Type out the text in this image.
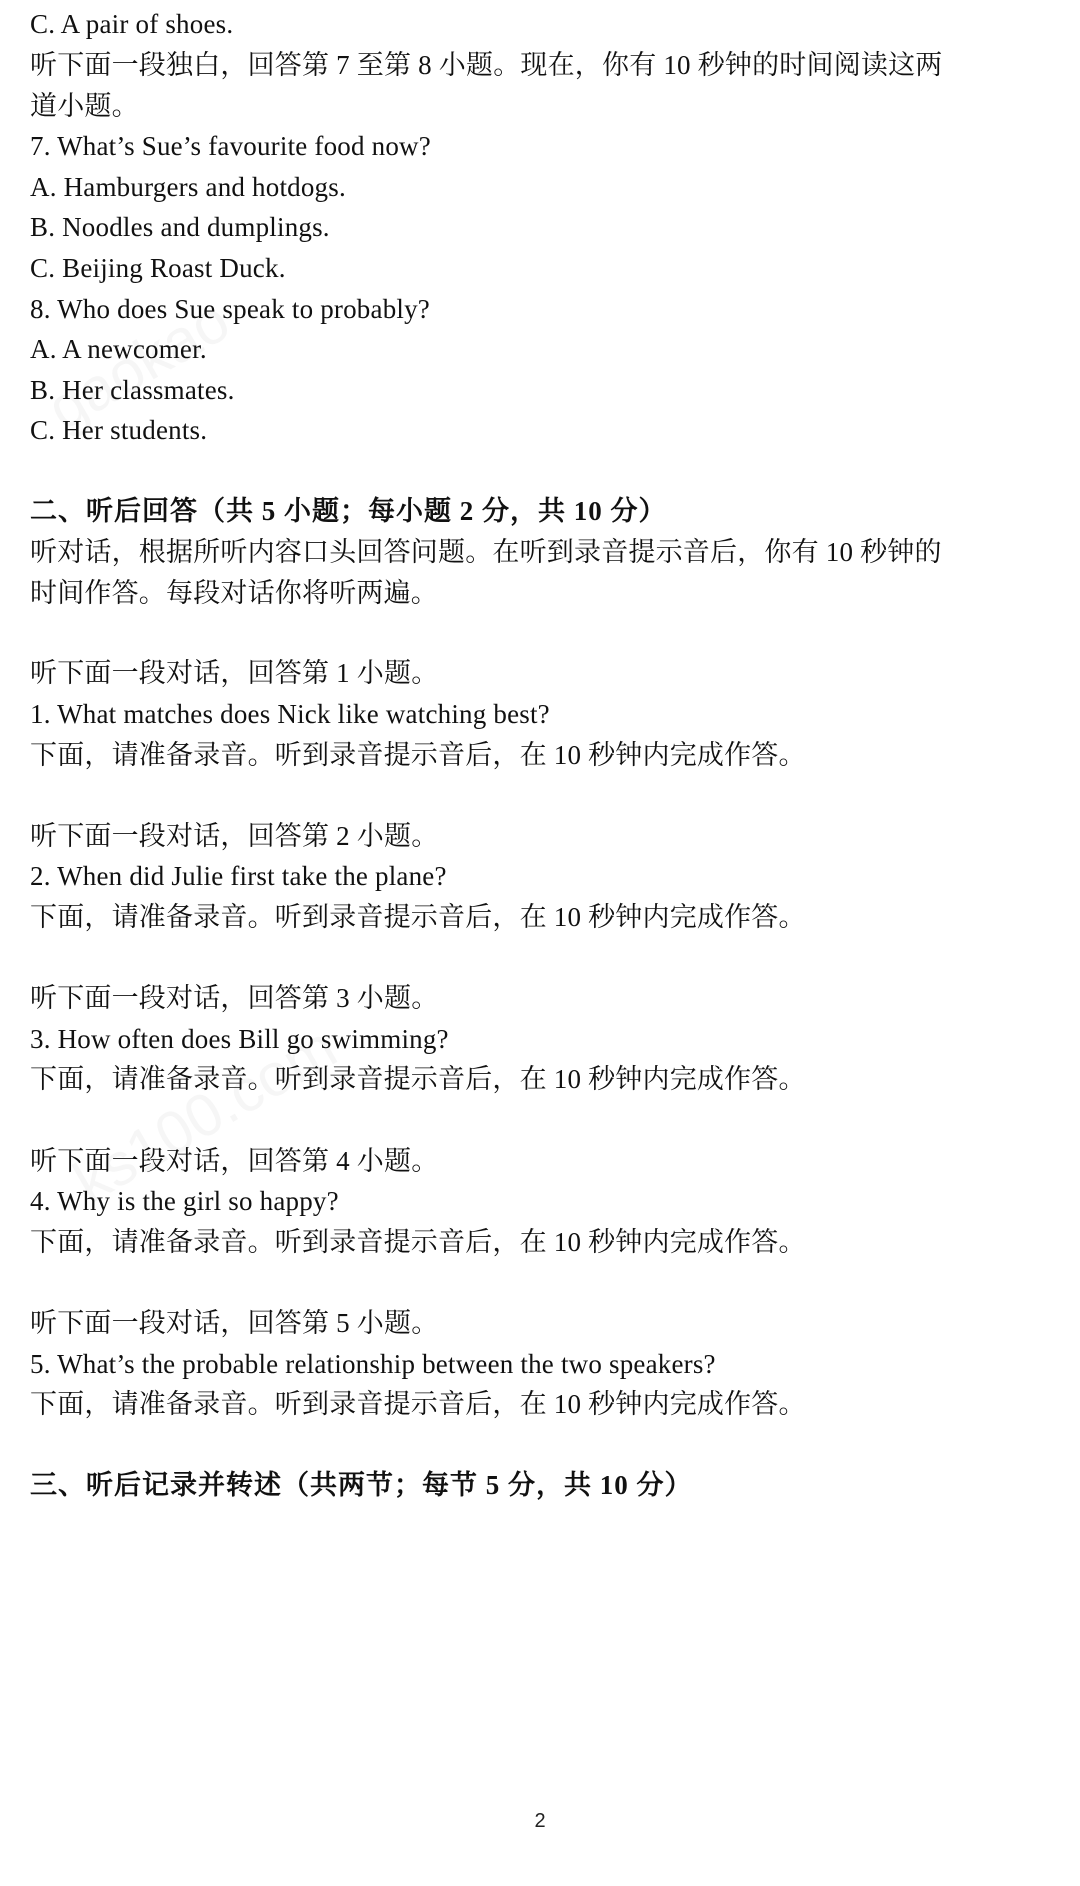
C. A pair of shoes.
听下面一段独白，回答第 7 至第 8 小题。现在，你有 10 秒钟的时间阅读这两
道小题。
7. What’s Sue’s favourite food now?
A. Hamburgers and hotdogs.
B. Noodles and dumplings.
C. Beijing Roast Duck.
8. Who does Sue speak to probably?
A. A newcomer.
B. Her classmates.
C. Her students.
二、听后回答（共 5 小题；每小题 2 分，共 10 分）
听对话，根据所听内容口头回答问题。在听到录音提示音后，你有 10 秒钟的
时间作答。每段对话你将听两遍。
听下面一段对话，回答第 1 小题。
1. What matches does Nick like watching best?
下面，请准备录音。听到录音提示音后，在 10 秒钟内完成作答。
听下面一段对话，回答第 2 小题。
2. When did Julie first take the plane?
下面，请准备录音。听到录音提示音后，在 10 秒钟内完成作答。
听下面一段对话，回答第 3 小题。
3. How often does Bill go swimming?
下面，请准备录音。听到录音提示音后，在 10 秒钟内完成作答。
听下面一段对话，回答第 4 小题。
4. Why is the girl so happy?
下面，请准备录音。听到录音提示音后，在 10 秒钟内完成作答。
听下面一段对话，回答第 5 小题。
5. What’s the probable relationship between the two speakers?
下面，请准备录音。听到录音提示音后，在 10 秒钟内完成作答。
三、听后记录并转述（共两节；每节 5 分，共 10 分）
2
